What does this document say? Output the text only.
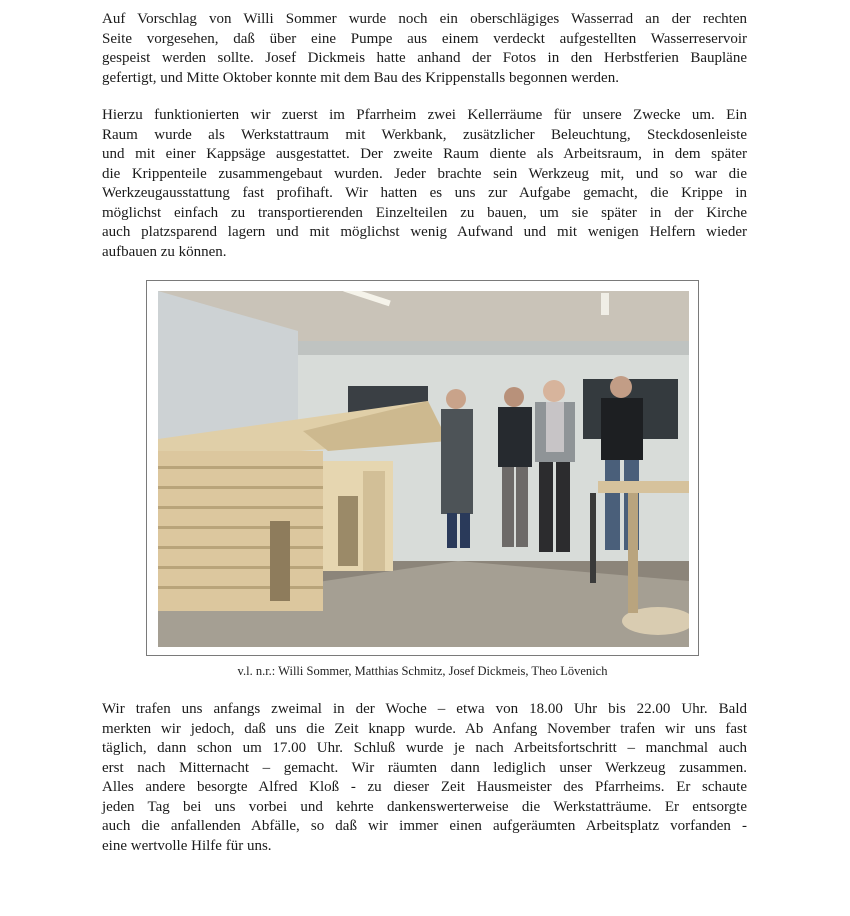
Auf Vorschlag von Willi Sommer wurde noch ein oberschlägiges Wasserrad an der rechten
Seite vorgesehen, daß über eine Pumpe aus einem verdeckt aufgestellten Wasserreservoir
gespeist werden sollte. Josef Dickmeis hatte anhand der Fotos in den Herbstferien Baupläne
gefertigt, und Mitte Oktober konnte mit dem Bau des Krippenstalls begonnen werden.
Hierzu funktionierten wir zuerst im Pfarrheim zwei Kellerräume für unsere Zwecke um. Ein
Raum wurde als Werkstattraum mit Werkbank, zusätzlicher Beleuchtung, Steckdosenleiste
und mit einer Kappsäge ausgestattet. Der zweite Raum diente als Arbeitsraum, in dem später
die Krippenteile zusammengebaut wurden. Jeder brachte sein Werkzeug mit, und so war die
Werkzeugausstattung fast profihaft. Wir hatten es uns zur Aufgabe gemacht, die Krippe in
möglichst einfach zu transportierenden Einzelteilen zu bauen, um sie später in der Kirche
auch platzsparend lagern und mit möglichst wenig Aufwand und mit wenigen Helfern wieder
aufbauen zu können.
v.l. n.r.: Willi Sommer, Matthias Schmitz, Josef Dickmeis, Theo Lövenich
Wir trafen uns anfangs zweimal in der Woche – etwa von 18.00 Uhr bis 22.00 Uhr. Bald
merkten wir jedoch, daß uns die Zeit knapp wurde. Ab Anfang November trafen wir uns fast
täglich, dann schon um 17.00 Uhr. Schluß wurde je nach Arbeitsfortschritt – manchmal auch
erst nach Mitternacht – gemacht. Wir räumten dann lediglich unser Werkzeug zusammen.
Alles andere besorgte Alfred Kloß - zu dieser Zeit Hausmeister des Pfarrheims. Er schaute
jeden Tag bei uns vorbei und kehrte dankenswerterweise die Werkstatträume. Er entsorgte
auch die anfallenden Abfälle, so daß wir immer einen aufgeräumten Arbeitsplatz vorfanden -
eine wertvolle Hilfe für uns.
